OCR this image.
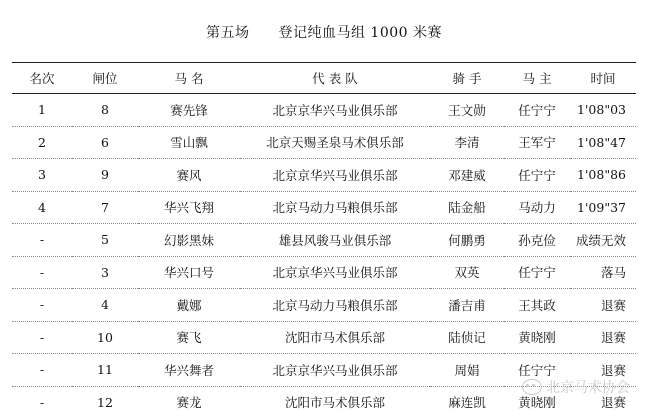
第五场　　登记纯血马组 1000 米赛
名次	闸位	马 名	代 表 队	骑 手	马 主	时间
1	8	赛先锋	北京京华兴马业俱乐部	王文勋	任宁宁	1'08"03
2	6	雪山飘	北京天赐圣泉马术俱乐部	李清	王军宁	1'08"47
3	9	赛风	北京京华兴马业俱乐部	邓建威	任宁宁	1'08"86
4	7	华兴飞翔	北京马动力马粮俱乐部	陆金船	马动力	1'09"37
-	5	幻影黑妹	雄县风骏马业俱乐部	何鹏勇	孙克俭	成绩无效
-	3	华兴口号	北京京华兴马业俱乐部	双英	任宁宁	落马
-	4	戴娜	北京马动力马粮俱乐部	潘吉甫	王其政	退赛
-	10	赛飞	沈阳市马术俱乐部	陆侦记	黄晓刚	退赛
-	11	华兴舞者	北京京华兴马业俱乐部	周娟	任宁宁	退赛
-	12	赛龙	沈阳市马术俱乐部	麻连凯	黄晓刚	退赛
北京马术协会
